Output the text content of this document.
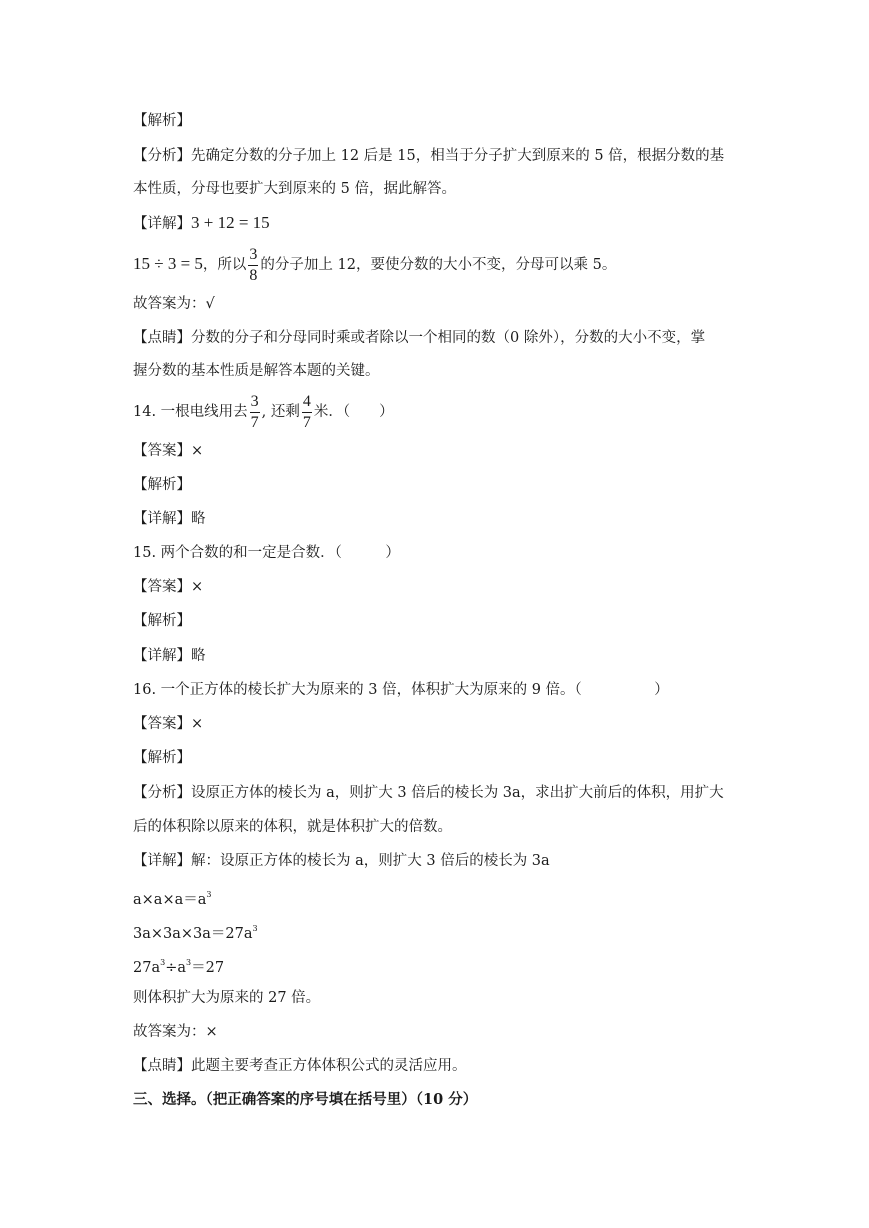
【解析】
【分析】先确定分数的分子加上 12 后是 15，相当于分子扩大到原来的 5 倍，根据分数的基
本性质，分母也要扩大到原来的 5 倍，据此解答。
【详解】3 + 12 = 15
15 ÷ 3 = 5，所以 $\frac{3}{8}$ 的分子加上 12，要使分数的大小不变，分母可以乘 5。
故答案为：√
【点睛】分数的分子和分母同时乘或者除以一个相同的数（0 除外），分数的大小不变，掌
握分数的基本性质是解答本题的关键。
14. 一根电线用去 $\frac{3}{7}$ , 还剩 $\frac{4}{7}$ 米．（　　）
【答案】×
【解析】
【详解】略
15. 两个合数的和一定是合数．（　　　）
【答案】×
【解析】
【详解】略
16. 一个正方体的棱长扩大为原来的 3 倍，体积扩大为原来的 9 倍。（　　　　　）
【答案】×
【解析】
【分析】设原正方体的棱长为 a，则扩大 3 倍后的棱长为 3a，求出扩大前后的体积，用扩大
后的体积除以原来的体积，就是体积扩大的倍数。
【详解】解：设原正方体的棱长为 a，则扩大 3 倍后的棱长为 3a
$a\times a\times a=a^3$
$3a\times 3a\times 3a=27a^3$
$27a^3\div a^3=27$
则体积扩大为原来的 27 倍。
故答案为：×
【点睛】此题主要考查正方体体积公式的灵活应用。
三、选择。（把正确答案的序号填在括号里）（10 分）
